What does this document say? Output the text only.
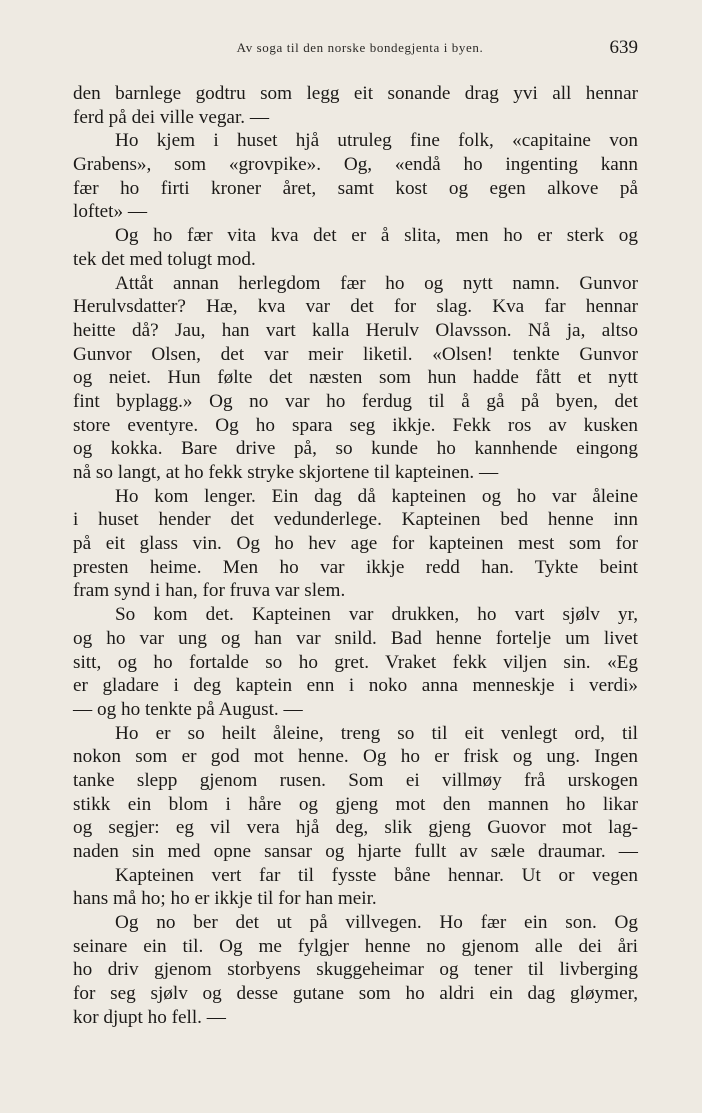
Av soga til den norske bondegjenta i byen.	639
den barnlege godtru som legg eit sonande drag yvi all hennar
ferd på dei ville vegar. —
Ho kjem i huset hjå utruleg fine folk, «capitaine von
Grabens», som «grovpike». Og, «endå ho ingenting kann
fær ho firti kroner året, samt kost og egen alkove på
loftet» —
Og ho fær vita kva det er å slita, men ho er sterk og
tek det med tolugt mod.
Attåt annan herlegdom fær ho og nytt namn. Gunvor
Herulvsdatter? Hæ, kva var det for slag. Kva far hennar
heitte då? Jau, han vart kalla Herulv Olavsson. Nå ja, altso
Gunvor Olsen, det var meir liketil. «Olsen! tenkte Gunvor
og neiet. Hun følte det næsten som hun hadde fått et nytt
fint byplagg.» Og no var ho ferdug til å gå på byen, det
store eventyre. Og ho spara seg ikkje. Fekk ros av kusken
og kokka. Bare drive på, so kunde ho kannhende eingong
nå so langt, at ho fekk stryke skjortene til kapteinen. —
Ho kom lenger. Ein dag då kapteinen og ho var åleine
i huset hender det vedunderlege. Kapteinen bed henne inn
på eit glass vin. Og ho hev age for kapteinen mest som for
presten heime. Men ho var ikkje redd han. Tykte beint
fram synd i han, for fruva var slem.
So kom det. Kapteinen var drukken, ho vart sjølv yr,
og ho var ung og han var snild. Bad henne fortelje um livet
sitt, og ho fortalde so ho gret. Vraket fekk viljen sin. «Eg
er gladare i deg kaptein enn i noko anna menneskje i verdi»
— og ho tenkte på August. —
Ho er so heilt åleine, treng so til eit venlegt ord, til
nokon som er god mot henne. Og ho er frisk og ung. Ingen
tanke slepp gjenom rusen. Som ei villmøy frå urskogen
stikk ein blom i håre og gjeng mot den mannen ho likar
og segjer: eg vil vera hjå deg, slik gjeng Guovor mot lag-
naden sin med opne sansar og hjarte fullt av sæle draumar. —
Kapteinen vert far til fysste båne hennar. Ut or vegen
hans må ho; ho er ikkje til for han meir.
Og no ber det ut på villvegen. Ho fær ein son. Og
seinare ein til. Og me fylgjer henne no gjenom alle dei åri
ho driv gjenom storbyens skuggeheimar og tener til livberging
for seg sjølv og desse gutane som ho aldri ein dag gløymer,
kor djupt ho fell. —
